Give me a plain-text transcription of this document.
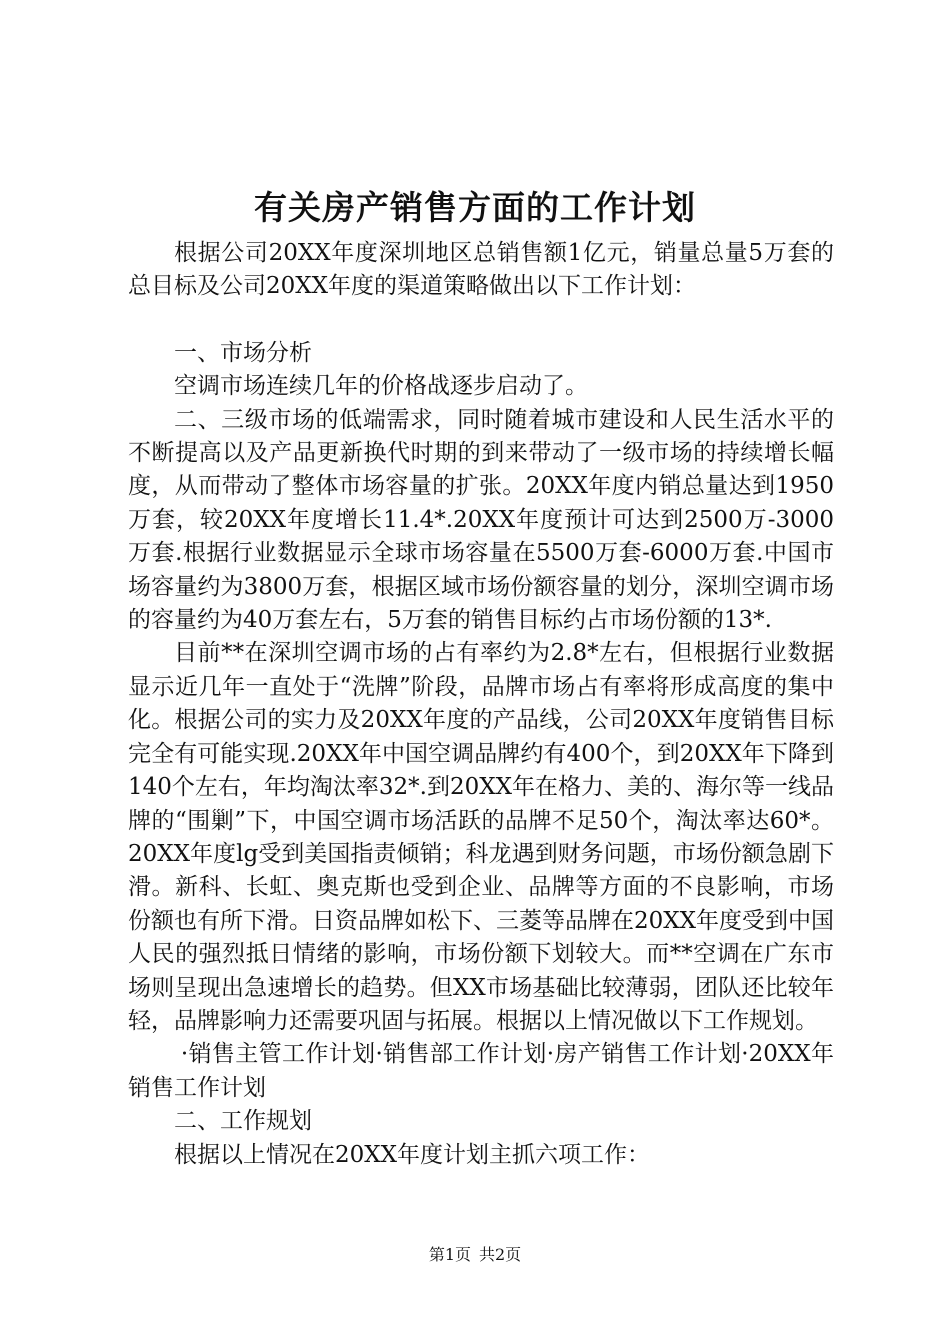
有关房产销售方面的工作计划

根据公司20XX年度深圳地区总销售额1亿元，销量总量5万套的总目标及公司20XX年度的渠道策略做出以下工作计划：

一、市场分析

空调市场连续几年的价格战逐步启动了。

二、三级市场的低端需求，同时随着城市建设和人民生活水平的不断提高以及产品更新换代时期的到来带动了一级市场的持续增长幅度，从而带动了整体市场容量的扩张。20XX年度内销总量达到1950万套，较20XX年度增长11.4*.20XX年度预计可达到2500万-3000万套.根据行业数据显示全球市场容量在5500万套-6000万套.中国市场容量约为3800万套，根据区域市场份额容量的划分，深圳空调市场的容量约为40万套左右，5万套的销售目标约占市场份额的13*.

目前**在深圳空调市场的占有率约为2.8*左右，但根据行业数据显示近几年一直处于“洗牌”阶段，品牌市场占有率将形成高度的集中化。根据公司的实力及20XX年度的产品线，公司20XX年度销售目标完全有可能实现.20XX年中国空调品牌约有400个，到20XX年下降到140个左右，年均淘汰率32*.到20XX年在格力、美的、海尔等一线品牌的“围剿”下，中国空调市场活跃的品牌不足50个，淘汰率达60*。20XX年度lg受到美国指责倾销；科龙遇到财务问题，市场份额急剧下滑。新科、长虹、奥克斯也受到企业、品牌等方面的不良影响，市场份额也有所下滑。日资品牌如松下、三菱等品牌在20XX年度受到中国人民的强烈抵日情绪的影响，市场份额下划较大。而**空调在广东市场则呈现出急速增长的趋势。但XX市场基础比较薄弱，团队还比较年轻，品牌影响力还需要巩固与拓展。根据以上情况做以下工作规划。

·销售主管工作计划·销售部工作计划·房产销售工作计划·20XX年销售工作计划

二、工作规划

根据以上情况在20XX年度计划主抓六项工作：

第1页 共2页
